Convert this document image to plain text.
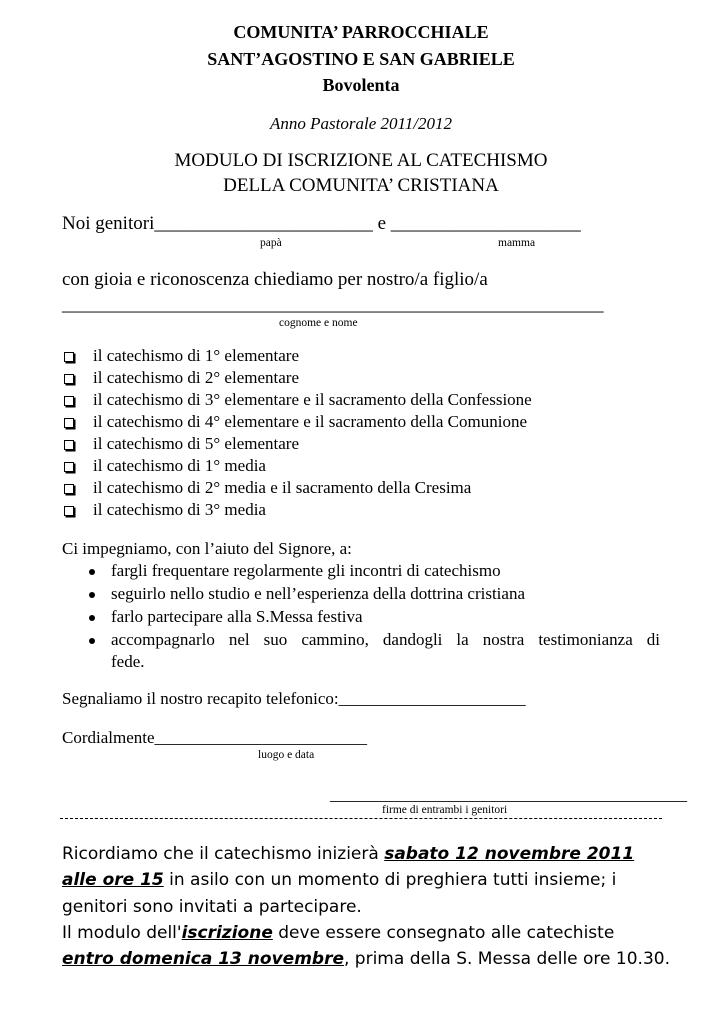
COMUNITA’ PARROCCHIALE
SANT’AGOSTINO E SAN GABRIELE
Bovolenta
Anno Pastorale 2011/2012
MODULO DI ISCRIZIONE AL CATECHISMO
DELLA COMUNITA’ CRISTIANA
Noi genitori_______________________ e ____________________
papà	mamma
con gioia e riconoscenza chiediamo per nostro/a figlio/a
_________________________________________________________
cognome e nome
il catechismo di 1° elementare
il catechismo di 2° elementare
il catechismo di 3° elementare e il sacramento della Confessione
il catechismo di 4° elementare e il sacramento della Comunione
il catechismo di 5° elementare
il catechismo di 1° media
il catechismo di 2° media e il sacramento della Cresima
il catechismo di 3° media
Ci impegniamo, con l’aiuto del Signore, a:
fargli frequentare regolarmente gli incontri di catechismo
seguirlo nello studio e nell’esperienza della dottrina cristiana
farlo partecipare alla S.Messa festiva
accompagnarlo nel suo cammino, dandogli la nostra testimonianza di
fede.
Segnaliamo il nostro recapito telefonico:______________________
Cordialmente_________________________
luogo e data
__________________________________________
firme di entrambi i genitori
Ricordiamo che il catechismo inizierà sabato 12 novembre 2011
alle ore 15 in asilo con un momento di preghiera tutti insieme; i
genitori sono invitati a partecipare.
Il modulo dell'iscrizione deve essere consegnato alle catechiste
entro domenica 13 novembre, prima della S. Messa delle ore 10.30.
